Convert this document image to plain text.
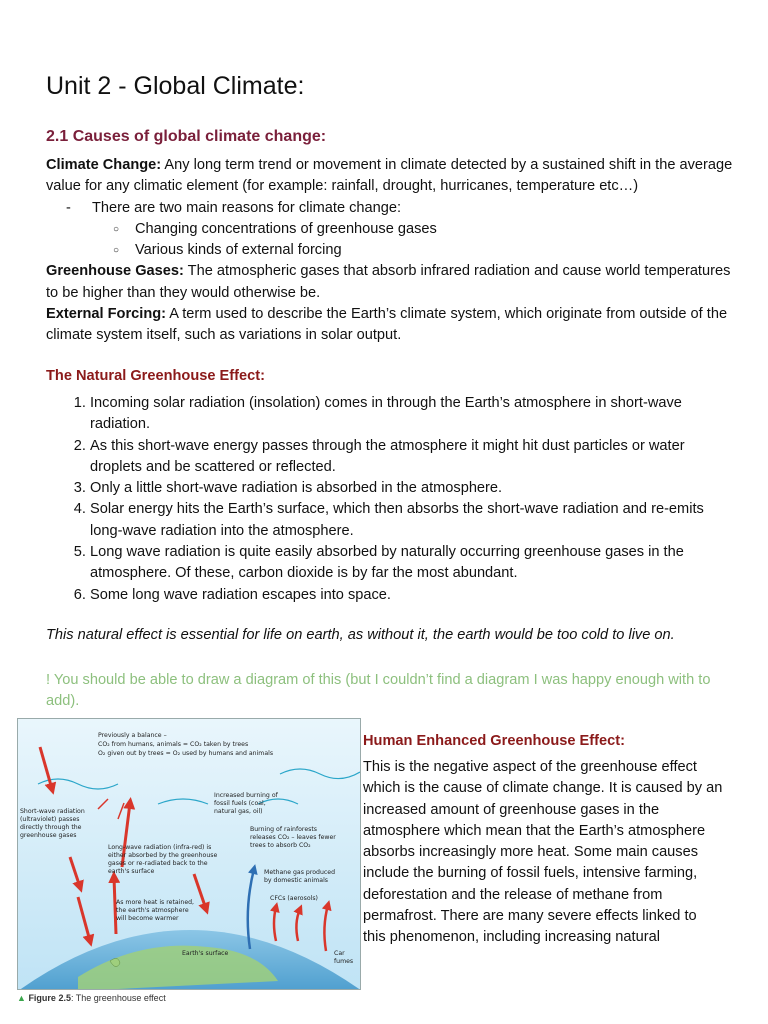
Unit 2 - Global Climate:
2.1 Causes of global climate change:

Climate Change: Any long term trend or movement in climate detected by a sustained shift in the average value for any climatic element (for example: rainfall, drought, hurricanes, temperature etc…)

- There are two main reasons for climate change:

○ Changing concentrations of greenhouse gases

○ Various kinds of external forcing

Greenhouse Gases: The atmospheric gases that absorb infrared radiation and cause world temperatures to be higher than they would otherwise be.

External Forcing: A term used to describe the Earth’s climate system, which originate from outside of the climate system itself, such as variations in solar output.

The Natural Greenhouse Effect:
1. Incoming solar radiation (insolation) comes in through the Earth’s atmosphere in short-wave radiation.
2. As this short-wave energy passes through the atmosphere it might hit dust particles or water droplets and be scattered or reflected.
3. Only a little short-wave radiation is absorbed in the atmosphere.
4. Solar energy hits the Earth’s surface, which then absorbs the short-wave radiation and re-emits long-wave radiation into the atmosphere.
5. Long wave radiation is quite easily absorbed by naturally occurring greenhouse gases in the atmosphere. Of these, carbon dioxide is by far the most abundant.
6. Some long wave radiation escapes into space.

This natural effect is essential for life on earth, as without it, the earth would be too cold to live on.

! You should be able to draw a diagram of this (but I couldn’t find a diagram I was happy enough with to add).

Previously a balance –
CO₂ from humans, animals = CO₂ taken by trees
O₂ given out by trees = O₂ used by humans and animals
Short-wave radiation
(ultraviolet) passes
directly through the
greenhouse gases
Increased burning of
fossil fuels (coal,
natural gas, oil)
Burning of rainforests
releases CO₂ – leaves fewer
trees to absorb CO₂
Long-wave radiation (infra-red) is
either absorbed by the greenhouse
gases or re-radiated back to the
earth's surface	Methane gas produced
by domestic animals
CFCs (aerosols)
As more heat is retained,
the earth's atmosphere
will become warmer
Earth's surface	Car
fumes
▲ Figure 2.5: The greenhouse effect
Human Enhanced Greenhouse Effect:

This is the negative aspect of the greenhouse effect which is the cause of climate change. It is caused by an increased amount of greenhouse gases in the atmosphere which mean that the Earth’s atmosphere absorbs increasingly more heat. Some main causes include the burning of fossil fuels, intensive farming, deforestation and the release of methane from permafrost. There are many severe effects linked to this phenomenon, including increasing natural
